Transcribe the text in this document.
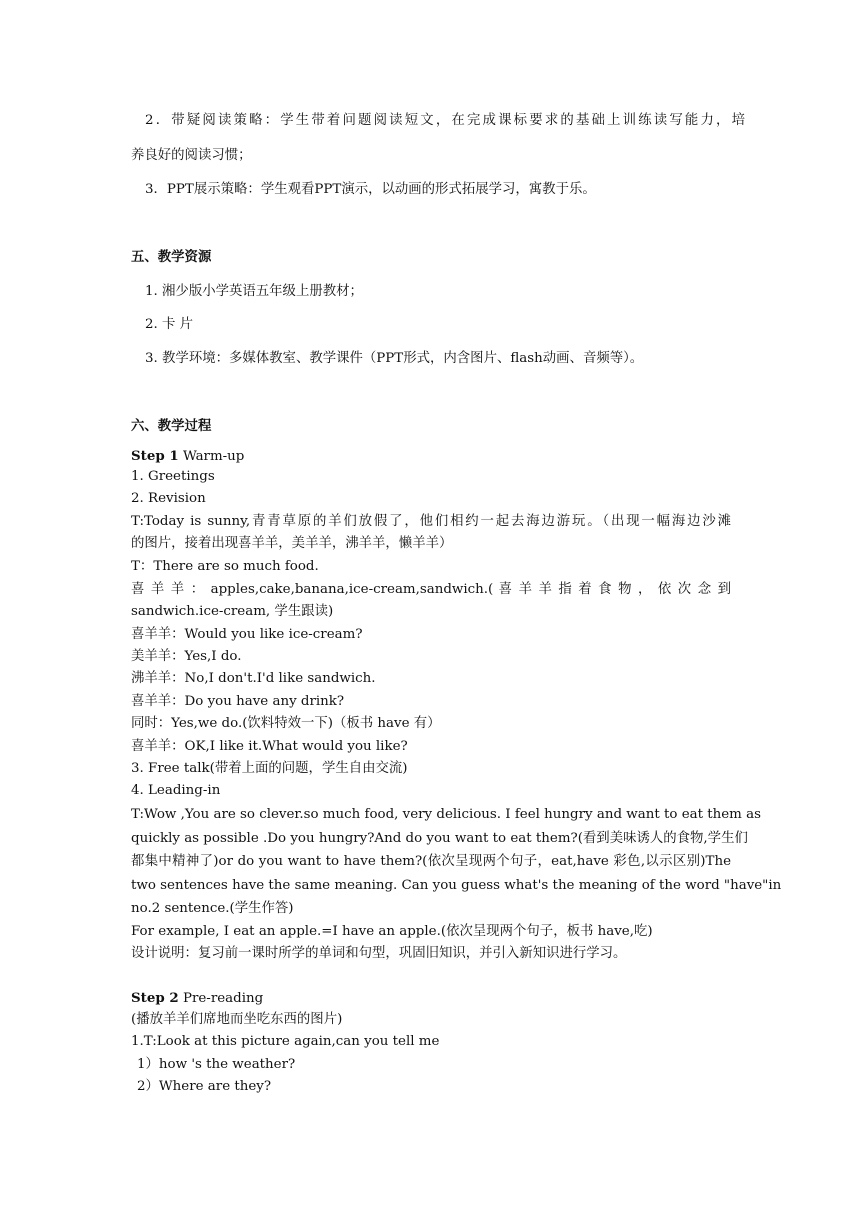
2．带疑阅读策略：学生带着问题阅读短文，在完成课标要求的基础上训练读写能力，培
养良好的阅读习惯；
3．PPT展示策略：学生观看PPT演示，以动画的形式拓展学习，寓教于乐。
五、教学资源
1. 湘少版小学英语五年级上册教材；
2. 卡 片
3. 教学环境：多媒体教室、教学课件（PPT形式，内含图片、flash动画、音频等）。
六、教学过程
Step 1 Warm-up
1. Greetings
2. Revision
T:Today is sunny,青青草原的羊们放假了，他们相约一起去海边游玩。（出现一幅海边沙滩
的图片，接着出现喜羊羊，美羊羊，沸羊羊，懒羊羊）
T：There are so much food.
喜 羊 羊 ： apples,cake,banana,ice-cream,sandwich.( 喜 羊 羊 指 着 食 物 ， 依 次 念 到
sandwich.ice-cream, 学生跟读)
喜羊羊：Would you like ice-cream?
美羊羊：Yes,I do.
沸羊羊：No,I don't.I'd like sandwich.
喜羊羊：Do you have any drink?
同时：Yes,we do.(饮料特效一下)（板书 have 有）
喜羊羊：OK,I like it.What would you like?
3. Free talk(带着上面的问题，学生自由交流)
4. Leading-in
T:Wow ,You are so clever.so much food, very delicious. I feel hungry and want to eat them as
quickly as possible .Do you hungry?And do you want to eat them?(看到美味诱人的食物,学生们
都集中精神了)or do you want to have them?(依次呈现两个句子，eat,have 彩色,以示区别)The
two sentences have the same meaning. Can you guess what's the meaning of the word "have"in
no.2 sentence.(学生作答)
For example, I eat an apple.=I have an apple.(依次呈现两个句子，板书 have,吃)
设计说明：复习前一课时所学的单词和句型，巩固旧知识，并引入新知识进行学习。
Step 2 Pre-reading
(播放羊羊们席地而坐吃东西的图片)
1.T:Look at this picture again,can you tell me
1）how 's the weather?
2）Where are they?
